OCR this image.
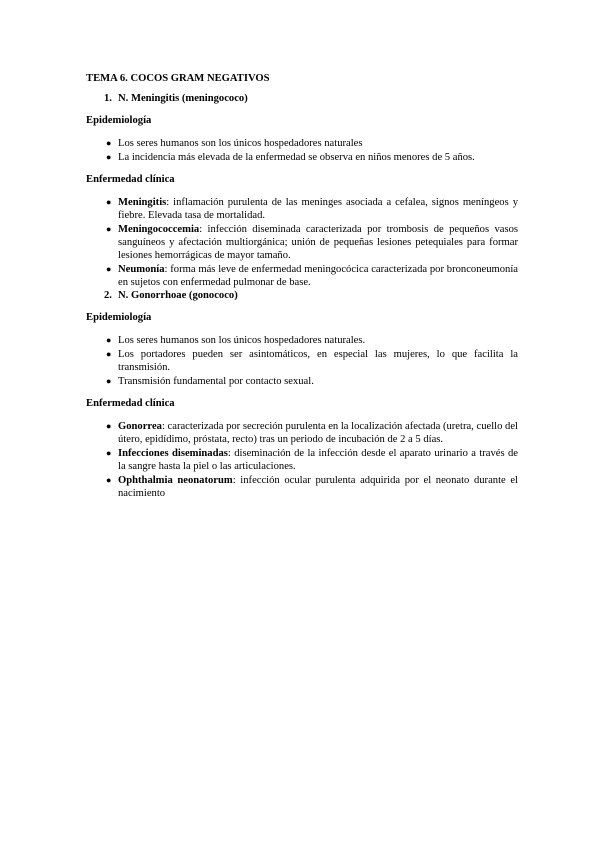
TEMA 6. COCOS GRAM NEGATIVOS
1. N. Meningitis (meningococo)
Epidemiología
● Los seres humanos son los únicos hospedadores naturales
● La incidencia más elevada de la enfermedad se observa en niños menores de 5 años.
Enfermedad clínica
● Meningitis: inflamación purulenta de las meninges asociada a cefalea, signos meníngeos y fiebre. Elevada tasa de mortalidad.
● Meningococcemia: infección diseminada caracterizada por trombosis de pequeños vasos sanguíneos y afectación multiorgánica; unión de pequeñas lesiones petequiales para formar lesiones hemorrágicas de mayor tamaño.
● Neumonía: forma más leve de enfermedad meningocócica caracterizada por bronconeumonía en sujetos con enfermedad pulmonar de base.
2. N. Gonorrhoae (gonococo)
Epidemiología
● Los seres humanos son los únicos hospedadores naturales.
● Los portadores pueden ser asintomáticos, en especial las mujeres, lo que facilita la transmisión.
● Transmisión fundamental por contacto sexual.
Enfermedad clínica
● Gonorrea: caracterizada por secreción purulenta en la localización afectada (uretra, cuello del útero, epidídimo, próstata, recto) tras un periodo de incubación de 2 a 5 días.
● Infecciones diseminadas: diseminación de la infección desde el aparato urinario a través de la sangre hasta la piel o las articulaciones.
● Ophthalmia neonatorum: infección ocular purulenta adquirida por el neonato durante el nacimiento
